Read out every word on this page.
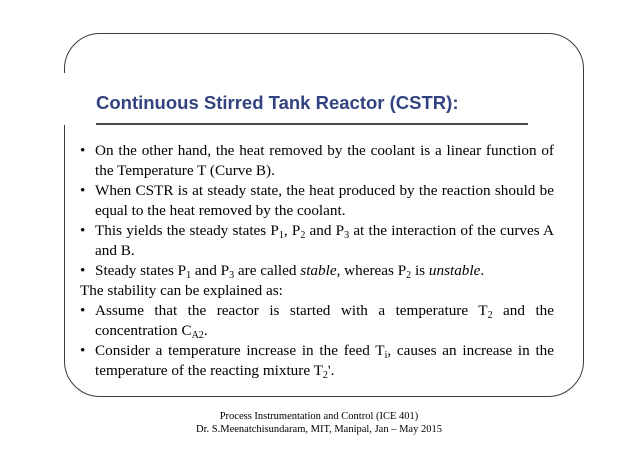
Continuous Stirred Tank Reactor (CSTR):

• On the other hand, the heat removed by the coolant is a linear function of the Temperature T (Curve B).

• When CSTR is at steady state, the heat produced by the reaction should be equal to the heat removed by the coolant.

• This yields the steady states $P_1$, $P_2$ and $P_3$ at the interaction of the curves A and B.

• Steady states $P_1$ and $P_3$ are called stable, whereas $P_2$ is unstable.

The stability can be explained as:

• Assume that the reactor is started with a temperature $T_2$ and the concentration $C_{A2}$.

• Consider a temperature increase in the feed $T_i$, causes an increase in the temperature of the reacting mixture $T_2'$.

Process Instrumentation and Control (ICE 401)
Dr. S.Meenatchisundaram, MIT, Manipal, Jan – May 2015
